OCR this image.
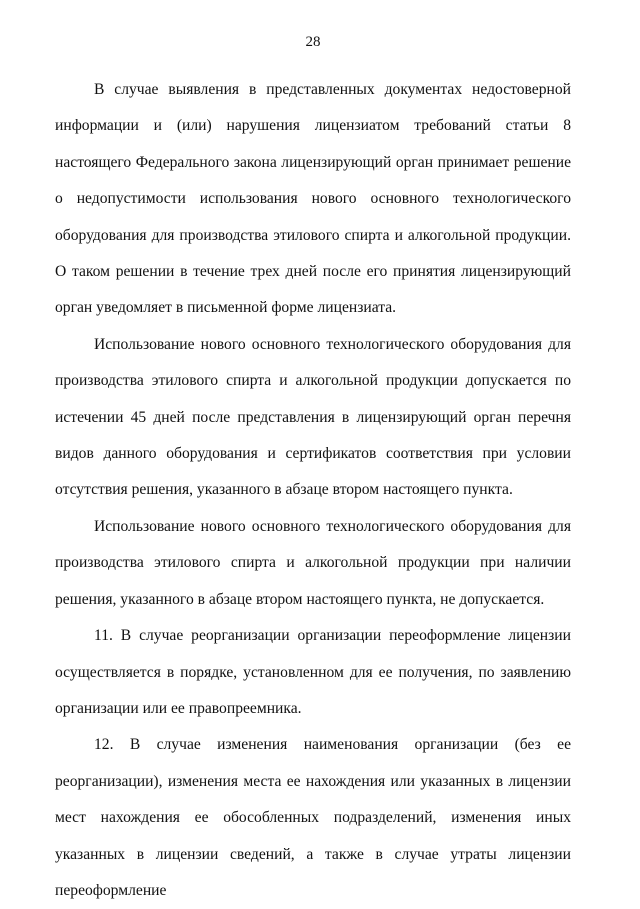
28

В случае выявления в представленных документах недостоверной информации и (или) нарушения лицензиатом требований статьи 8 настоящего Федерального закона лицензирующий орган принимает решение о недопустимости использования нового основного технологического оборудования для производства этилового спирта и алкогольной продукции. О таком решении в течение трех дней после его принятия лицензирующий орган уведомляет в письменной форме лицензиата.

Использование нового основного технологического оборудования для производства этилового спирта и алкогольной продукции допускается по истечении 45 дней после представления в лицензирующий орган перечня видов данного оборудования и сертификатов соответствия при условии отсутствия решения, указанного в абзаце втором настоящего пункта.

Использование нового основного технологического оборудования для производства этилового спирта и алкогольной продукции при наличии решения, указанного в абзаце втором настоящего пункта, не допускается.

11. В случае реорганизации организации переоформление лицензии осуществляется в порядке, установленном для ее получения, по заявлению организации или ее правопреемника.

12. В случае изменения наименования организации (без ее реорганизации), изменения места ее нахождения или указанных в лицензии мест нахождения ее обособленных подразделений, изменения иных указанных в лицензии сведений, а также в случае утраты лицензии переоформление
